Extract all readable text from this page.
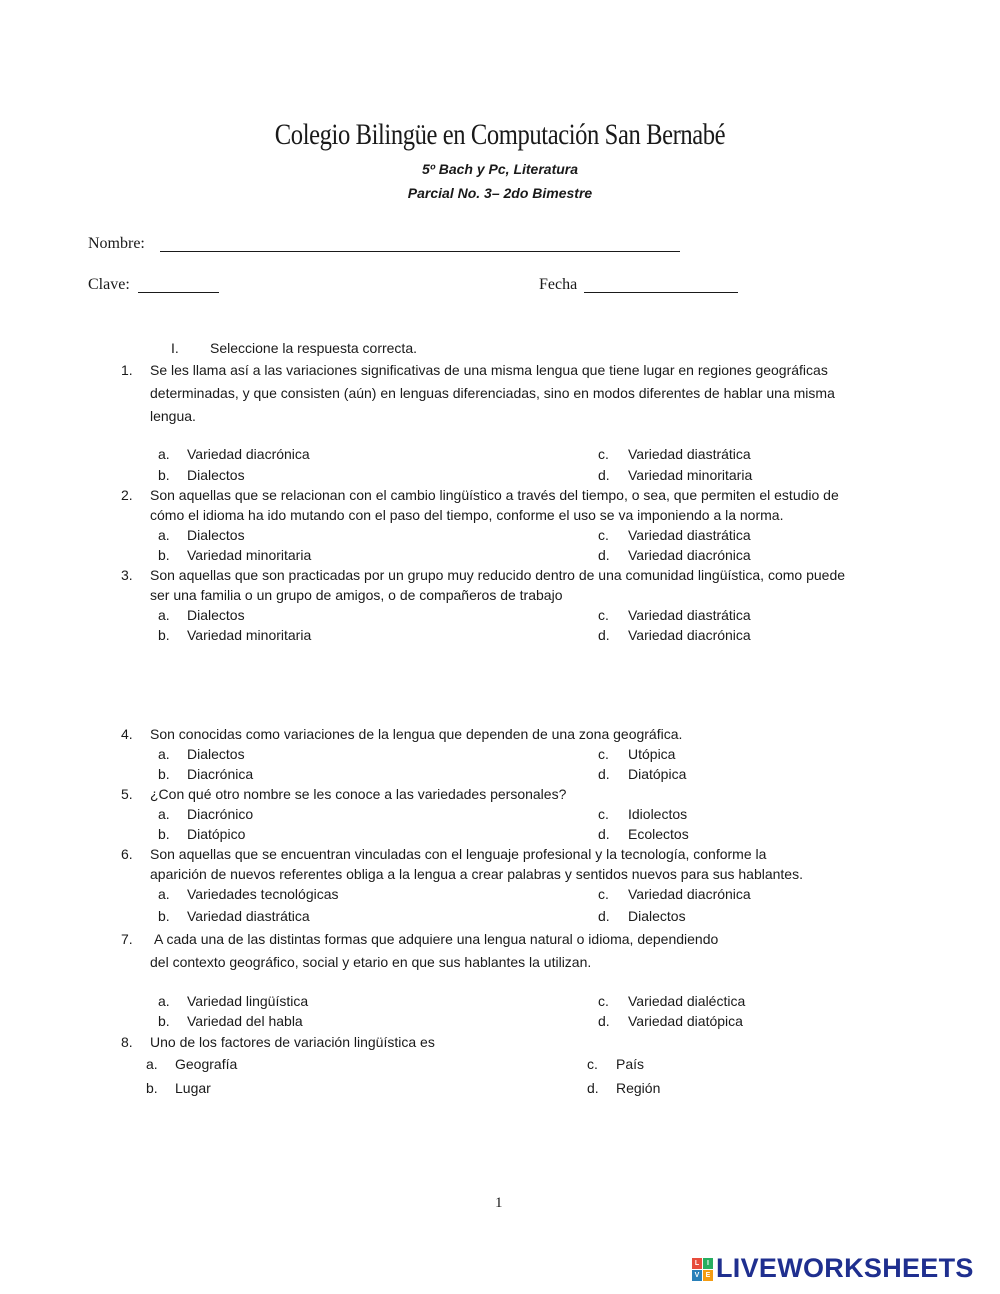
Colegio Bilingüe en Computación San Bernabé
5º Bach y Pc, Literatura
Parcial No. 3– 2do Bimestre
Nombre:
Clave:	Fecha
I. Seleccione la respuesta correcta.
1. Se les llama así a las variaciones significativas de una misma lengua que tiene lugar en regiones geográficas
determinadas, y que consisten (aún) en lenguas diferenciadas, sino en modos diferentes de hablar una misma
lengua.
a. Variedad diacrónica
b. Dialectos
c. Variedad diastrática
d. Variedad minoritaria
2. Son aquellas que se relacionan con el cambio lingüístico a través del tiempo, o sea, que permiten el estudio de
cómo el idioma ha ido mutando con el paso del tiempo, conforme el uso se va imponiendo a la norma.
a. Dialectos
b. Variedad minoritaria
c. Variedad diastrática
d. Variedad diacrónica
3. Son aquellas que son practicadas por un grupo muy reducido dentro de una comunidad lingüística, como puede
ser una familia o un grupo de amigos, o de compañeros de trabajo
a. Dialectos
b. Variedad minoritaria
c. Variedad diastrática
d. Variedad diacrónica
4. Son conocidas como variaciones de la lengua que dependen de una zona geográfica.
a. Dialectos
b. Diacrónica
c. Utópica
d. Diatópica
5. ¿Con qué otro nombre se les conoce a las variedades personales?
a. Diacrónico
b. Diatópico
c. Idiolectos
d. Ecolectos
6. Son aquellas que se encuentran vinculadas con el lenguaje profesional y la tecnología, conforme la
aparición de nuevos referentes obliga a la lengua a crear palabras y sentidos nuevos para sus hablantes.
a. Variedades tecnológicas
b. Variedad diastrática
c. Variedad diacrónica
d. Dialectos
7. A cada una de las distintas formas que adquiere una lengua natural o idioma, dependiendo
del contexto geográfico, social y etario en que sus hablantes la utilizan.
a. Variedad lingüística
b. Variedad del habla
c. Variedad dialéctica
d. Variedad diatópica
8. Uno de los factores de variación lingüística es
a. Geografía
b. Lugar
c. País
d. Región
1
L	I
V E LIVEWORKSHEETS
